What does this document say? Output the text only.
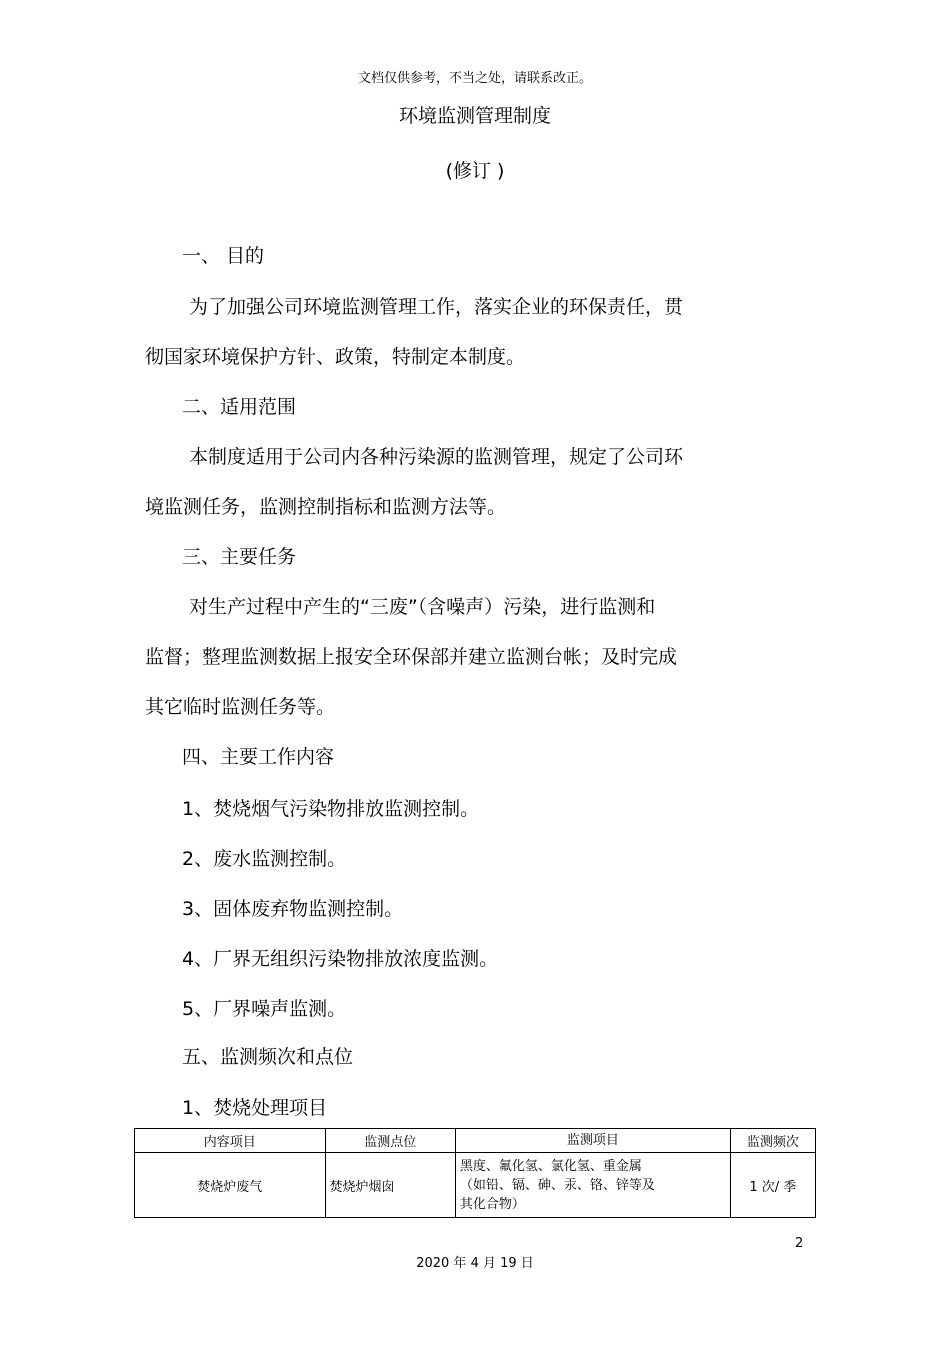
文档仅供参考，不当之处，请联系改正。
环境监测管理制度
(修订 )
一、 目的
为了加强公司环境监测管理工作，落实企业的环保责任，贯
彻国家环境保护方针、政策，特制定本制度。
二、适用范围
本制度适用于公司内各种污染源的监测管理，规定了公司环
境监测任务，监测控制指标和监测方法等。
三、主要任务
对生产过程中产生的“三废”（含噪声）污染，进行监测和
监督；整理监测数据上报安全环保部并建立监测台帐；及时完成
其它临时监测任务等。
四、主要工作内容
1、焚烧烟气污染物排放监测控制。
2、废水监测控制。
3、固体废弃物监测控制。
4、厂界无组织污染物排放浓度监测。
5、厂界噪声监测。
五、监测频次和点位
1、焚烧处理项目
内容项目	监测点位	监测项目	监测频次
焚烧炉废气	焚烧炉烟囱	黑度、氟化氢、氯化氢、重金属
（如铅、镉、砷、汞、铬、锌等及
其化合物）	1 次/ 季
2
2020 年 4 月 19 日
